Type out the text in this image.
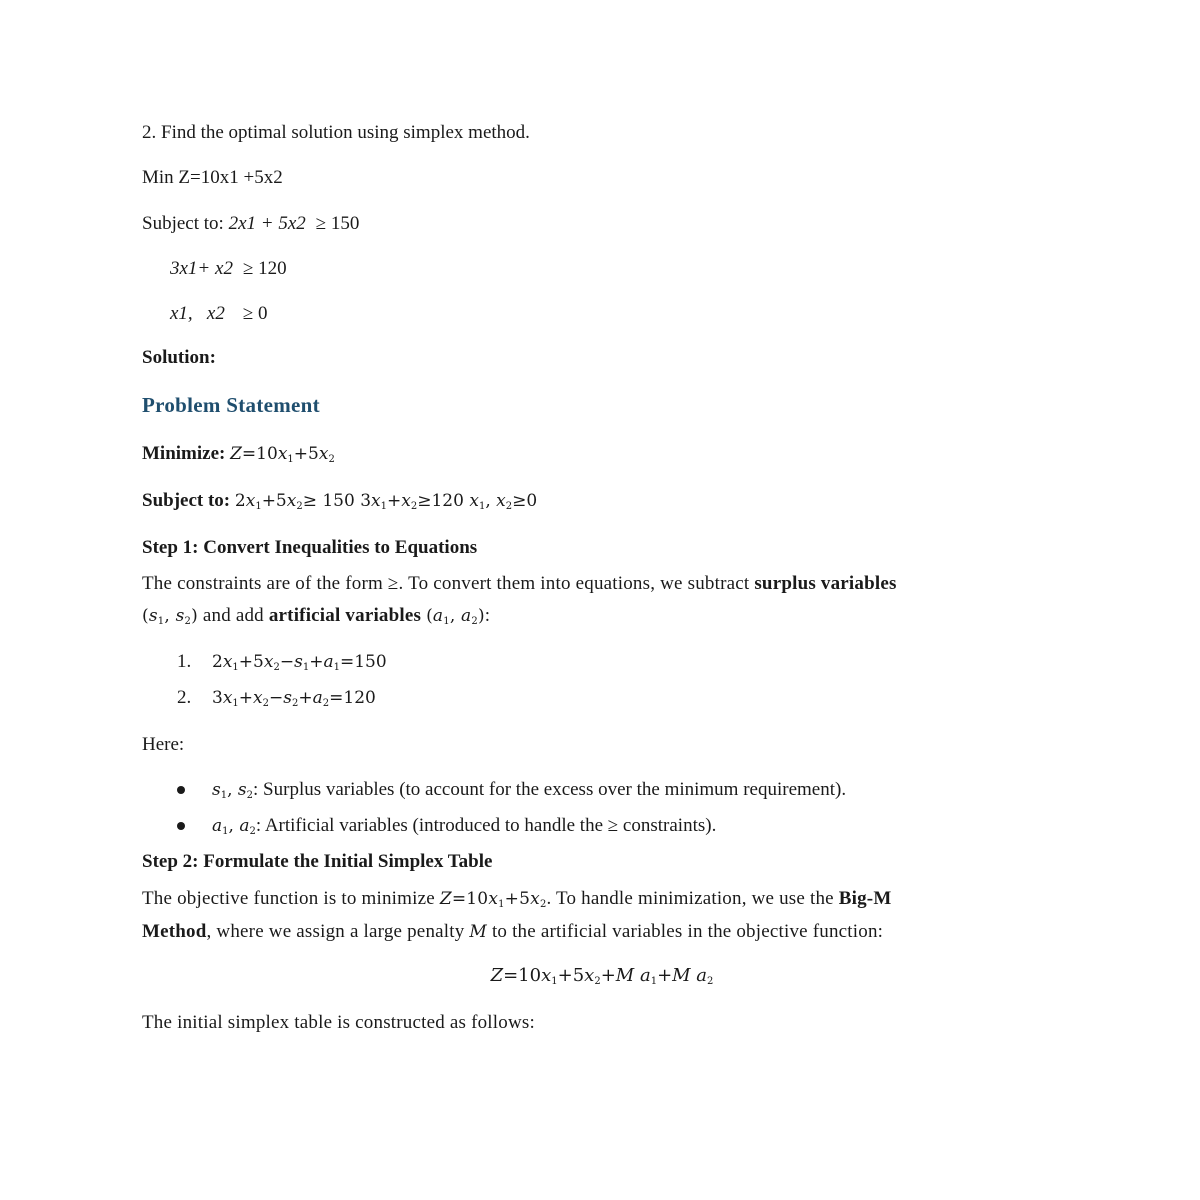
2. Find the optimal solution using simplex method.
Min Z=10x1 +5x2
Subject to: 2x1 + 5x2 ≥ 150
3x1+ x2 ≥ 120
x1,   x2 ≥ 0
Solution:
Problem Statement
Minimize: $Z=10x_1+5x_2$
Subject to: $2x_1+5x_2\ge 150$ $3x_1+x_2\ge 120$ $x_1$, $x_2\ge 0$
Step 1: Convert Inequalities to Equations
The constraints are of the form ≥. To convert them into equations, we subtract surplus variables
($s_1$, $s_2$) and add artificial variables ($a_1$, $a_2$):
1. $2x_1+5x_2-s_1+a_1=150$
2. $3x_1+x_2-s_2+a_2=120$
Here:
$s_1$, $s_2$: Surplus variables (to account for the excess over the minimum requirement).
$a_1$, $a_2$: Artificial variables (introduced to handle the ≥ constraints).
Step 2: Formulate the Initial Simplex Table
The objective function is to minimize $Z=10x_1+5x_2$. To handle minimization, we use the Big-M
Method, where we assign a large penalty M to the artificial variables in the objective function:
$Z=10x_1+5x_2+M$ $a_1+M$ $a_2$
The initial simplex table is constructed as follows:
